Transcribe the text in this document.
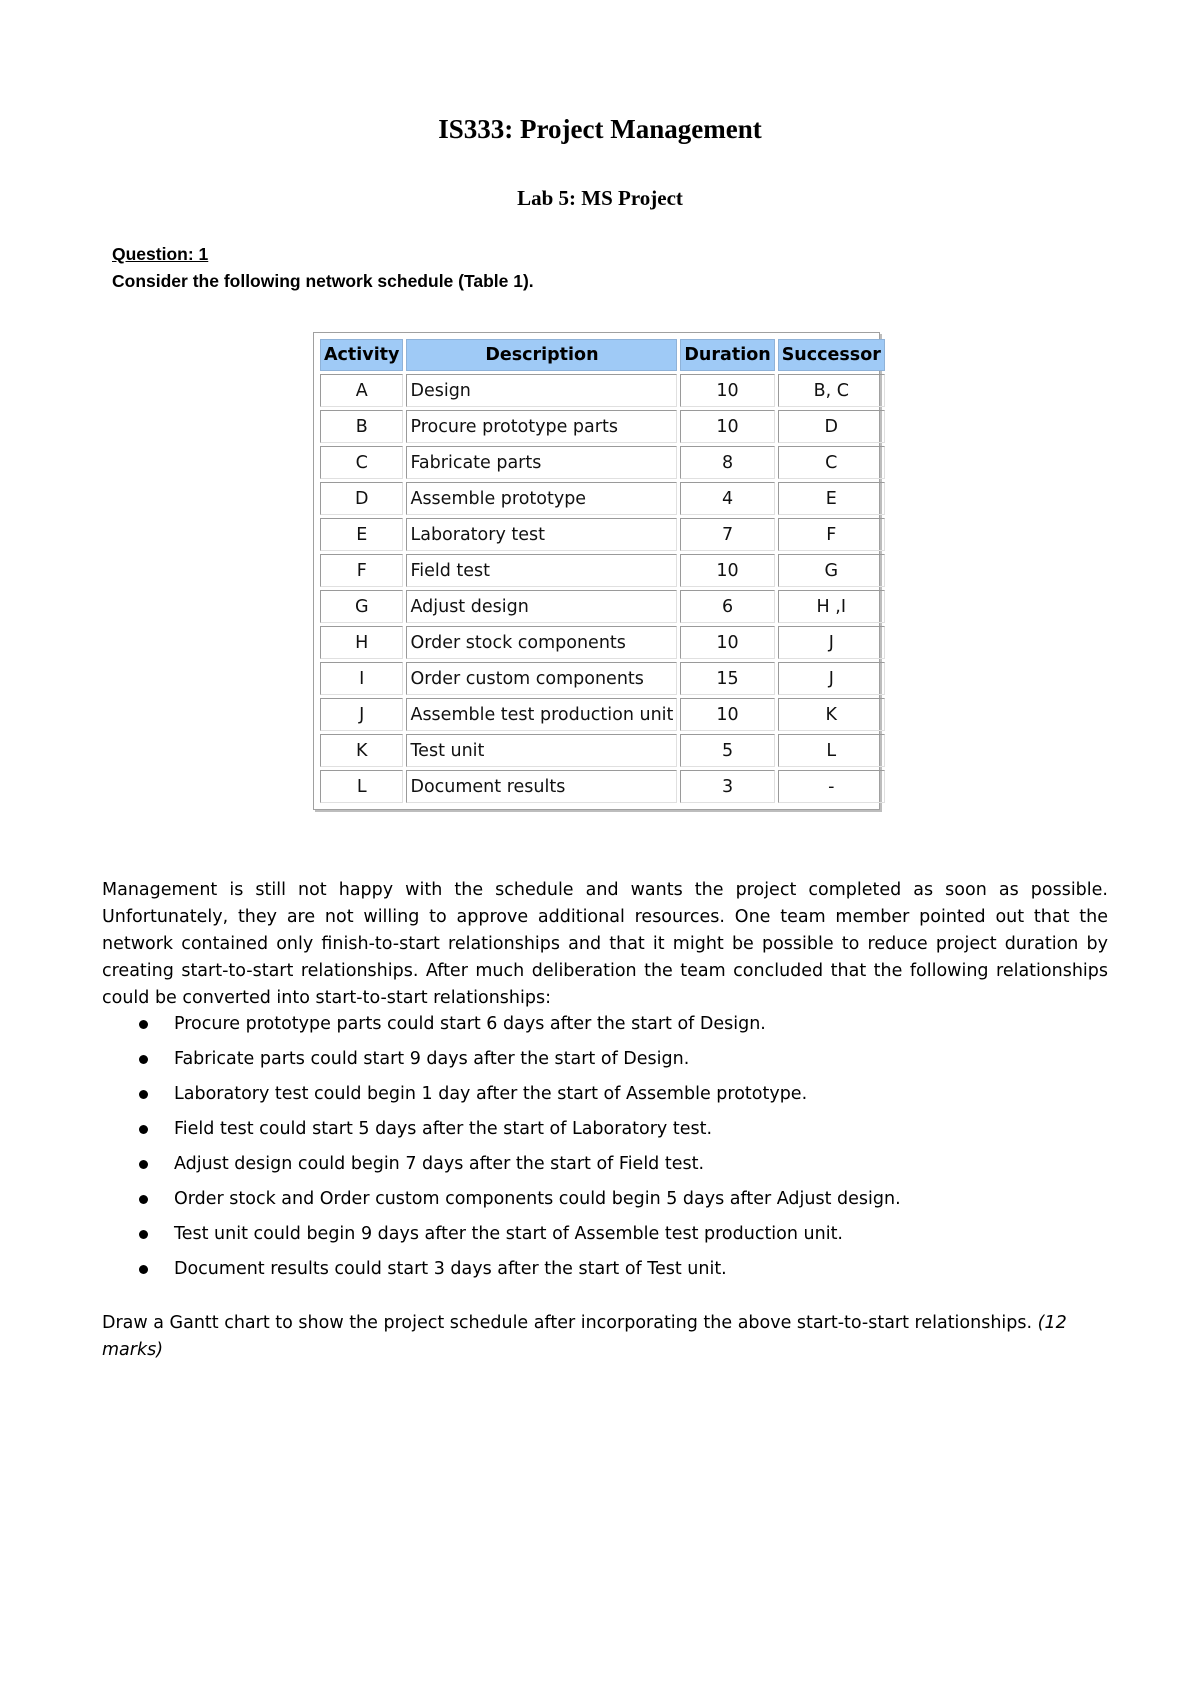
IS333: Project Management
Lab 5: MS Project
Question: 1
Consider the following network schedule (Table 1).
Activity	Description	Duration	Successor
A	Design	10	B, C
B	Procure prototype parts	10	D
C	Fabricate parts	8	C
D	Assemble prototype	4	E
E	Laboratory test	7	F
F	Field test	10	G
G	Adjust design	6	H ,I
H	Order stock components	10	J
I	Order custom components	15	J
J	Assemble test production unit	10	K
K	Test unit	5	L
L	Document results	3	-
Management is still not happy with the schedule and wants the project completed as soon as possible. Unfortunately, they are not willing to approve additional resources. One team member pointed out that the network contained only finish-to-start relationships and that it might be possible to reduce project duration by creating start-to-start relationships. After much deliberation the team concluded that the following relationships could be converted into start-to-start relationships:
Procure prototype parts could start 6 days after the start of Design.
Fabricate parts could start 9 days after the start of Design.
Laboratory test could begin 1 day after the start of Assemble prototype.
Field test could start 5 days after the start of Laboratory test.
Adjust design could begin 7 days after the start of Field test.
Order stock and Order custom components could begin 5 days after Adjust design.
Test unit could begin 9 days after the start of Assemble test production unit.
Document results could start 3 days after the start of Test unit.
Draw a Gantt chart to show the project schedule after incorporating the above start-to-start relationships. (12 marks)
